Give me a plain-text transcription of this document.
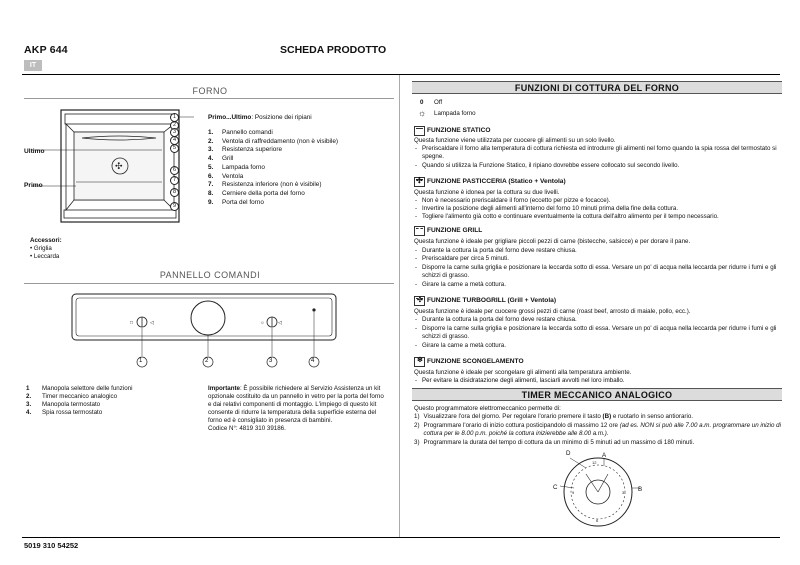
AKP 644
IT
SCHEDA PRODOTTO
FORNO
✣
Ultimo
Primo
1
2
3
4
5
6
7
8
9
Primo...Ultimo: Posizione dei ripiani
1.	Pannello comandi
2.	Ventola di raffreddamento (non è visibile)
3.	Resistenza superiore
4.	Grill
5.	Lampada forno
6.	Ventola
7.	Resistenza inferiore (non è visibile)
8.	Cerniere della porta del forno
9.	Porta del forno
Accessori:
• Griglia
• Leccarda
PANNELLO COMANDI
□	◁	☼	◁
1	2	3	4
1	Manopola selettore delle funzioni
2.	Timer meccanico analogico
3.	Manopola termostato
4.	Spia rossa termostato
Importante: È possibile richiedere al Servizio Assistenza un kit opzionale costituito da un pannello in vetro per la porta del forno e dai relativi componenti di montaggio. L'impiego di questo kit consente di ridurre la temperatura della superficie esterna del forno ed è consigliato in presenza di bambini.
Codice N°: 4819 310 39186.
FUNZIONI DI COTTURA DEL FORNO
0 Off
☼ Lampada forno
FUNZIONE STATICO
Questa funzione viene utilizzata per cuocere gli alimenti su un solo livello.
- Preriscaldare il forno alla temperatura di cottura richiesta ed introdurre gli alimenti nel forno quando la spia rossa del termostato si spegne.
- Quando si utilizza la Funzione Statico, il ripiano dovrebbe essere collocato sul secondo livello.
✣
FUNZIONE PASTICCERIA (Statico + Ventola)
Questa funzione è idonea per la cottura su due livelli.
- Non è necessario preriscaldare il forno (eccetto per pizze e focacce).
- Invertire la posizione degli alimenti all'interno del forno 10 minuti prima della fine della cottura.
- Togliere l'alimento già cotto e continuare eventualmente la cottura dell'altro alimento per il tempo necessario.
FUNZIONE GRILL
Questa funzione è ideale per grigliare piccoli pezzi di carne (bistecche, salsicce) e per dorare il pane.
- Durante la cottura la porta del forno deve restare chiusa.
- Preriscaldare per circa 5 minuti.
- Disporre la carne sulla griglia e posizionare la leccarda sotto di essa. Versare un po' di acqua nella leccarda per ridurre i fumi e gli schizzi di grasso.
- Girare la carne a metà cottura.
✣
FUNZIONE TURBOGRILL (Grill + Ventola)
Questa funzione è ideale per cuocere grossi pezzi di carne (roast beef, arrosto di maiale, pollo, ecc.).
- Durante la cottura la porta del forno deve restare chiusa.
- Disporre la carne sulla griglia e posizionare la leccarda sotto di essa. Versare un po' di acqua nella leccarda per ridurre i fumi e gli schizzi di grasso.
- Girare la carne a metà cottura.
❄
FUNZIONE SCONGELAMENTO
Questa funzione è ideale per scongelare gli alimenti alla temperatura ambiente.
- Per evitare la disidratazione degli alimenti, lasciarli avvolti nel loro imballo.
TIMER MECCANICO ANALOGICO
Questo programmatore elettromeccanico permette di:
1) Visualizzare l'ora del giorno. Per regolare l'orario premere il tasto (B) e ruotarlo in senso antiorario.
2) Programmare l'orario di inizio cottura posticipandolo di massimo 12 ore (ad es. NON si può alle 7.00 a.m. programmare un inizio di cottura per le 8.00 p.m. poiché la cottura inizierebbe alle 8.00 a.m.).
3) Programmare la durata del tempo di cottura da un minimo di 5 minuti ad un massimo di 180 minuti.
12
3
6
9
D	A
B
C
5019 310 54252
